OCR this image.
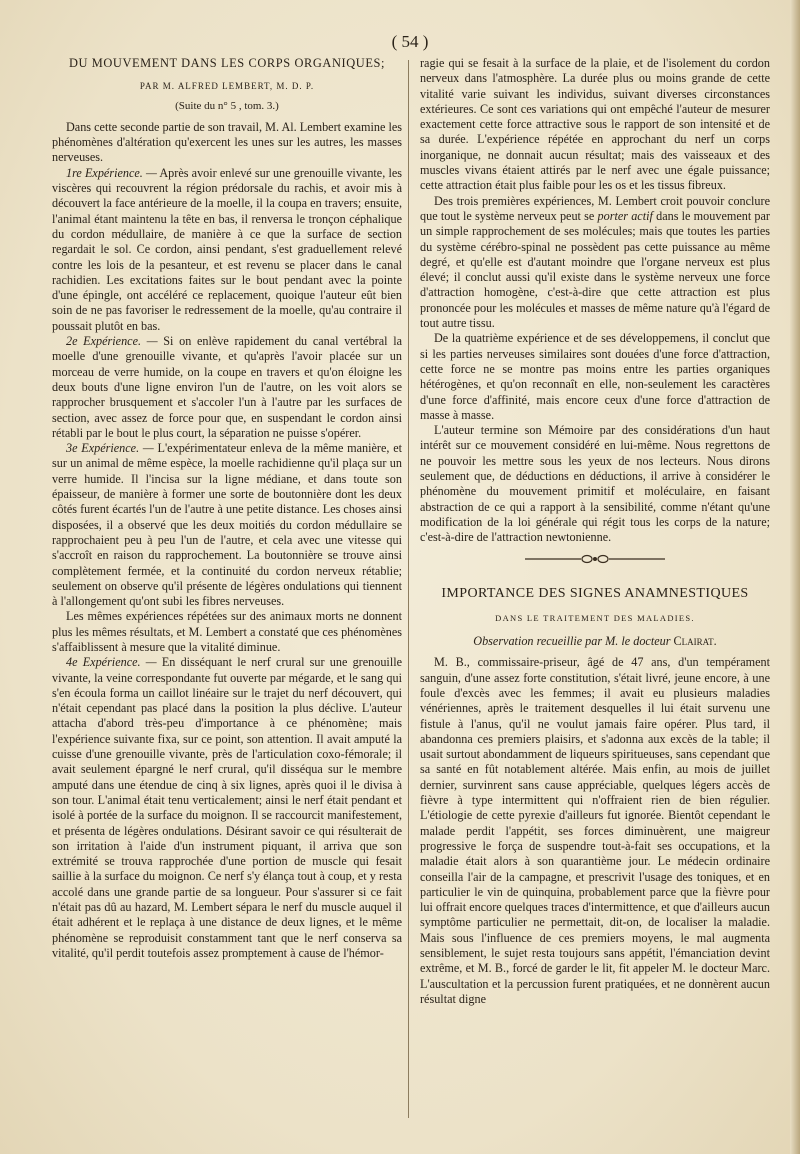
( 54 )

DU MOUVEMENT DANS LES CORPS ORGANIQUES;

PAR M. ALFRED LEMBERT, M. D. P.

(Suite du n° 5 , tom. 3.)

Dans cette seconde partie de son travail, M. Al. Lembert examine les phénomènes d'altération qu'exercent les unes sur les autres, les masses nerveuses.

1re Expérience. — Après avoir enlevé sur une grenouille vivante, les viscères qui recouvrent la région prédorsale du rachis, et avoir mis à découvert la face antérieure de la moelle, il la coupa en travers; ensuite, l'animal étant maintenu la tête en bas, il renversa le tronçon céphalique du cordon médullaire, de manière à ce que la surface de section regardait le sol. Ce cordon, ainsi pendant, s'est graduellement relevé contre les lois de la pesanteur, et est revenu se placer dans le canal rachidien. Les excitations faites sur le bout pendant avec la pointe d'une épingle, ont accéléré ce replacement, quoique l'auteur eût bien soin de ne pas favoriser le redressement de la moelle, qu'au contraire il poussait plutôt en bas.

2e Expérience. — Si on enlève rapidement du canal vertébral la moelle d'une grenouille vivante, et qu'après l'avoir placée sur un morceau de verre humide, on la coupe en travers et qu'on éloigne les deux bouts d'une ligne environ l'un de l'autre, on les voit alors se rapprocher brusquement et s'accoler l'un à l'autre par les surfaces de section, avec assez de force pour que, en suspendant le cordon ainsi rétabli par le bout le plus court, la séparation ne puisse s'opérer.

3e Expérience. — L'expérimentateur enleva de la même manière, et sur un animal de même espèce, la moelle rachidienne qu'il plaça sur un verre humide. Il l'incisa sur la ligne médiane, et dans toute son épaisseur, de manière à former une sorte de boutonnière dont les deux côtés furent écartés l'un de l'autre à une petite distance. Les choses ainsi disposées, il a observé que les deux moitiés du cordon médullaire se rapprochaient peu à peu l'un de l'autre, et cela avec une vitesse qui s'accroît en raison du rapprochement. La boutonnière se trouve ainsi complètement fermée, et la continuité du cordon nerveux rétablie; seulement on observe qu'il présente de légères ondulations qui tiennent à l'allongement qu'ont subi les fibres nerveuses.

Les mêmes expériences répétées sur des animaux morts ne donnent plus les mêmes résultats, et M. Lembert a constaté que ces phénomènes s'affaiblissent à mesure que la vitalité diminue.

4e Expérience. — En disséquant le nerf crural sur une grenouille vivante, la veine correspondante fut ouverte par mégarde, et le sang qui s'en écoula forma un caillot linéaire sur le trajet du nerf découvert, qui n'était cependant pas placé dans la position la plus déclive. L'auteur attacha d'abord très-peu d'importance à ce phénomène; mais l'expérience suivante fixa, sur ce point, son attention. Il avait amputé la cuisse d'une grenouille vivante, près de l'articulation coxo-fémorale; il avait seulement épargné le nerf crural, qu'il disséqua sur le membre amputé dans une étendue de cinq à six lignes, après quoi il le divisa à son tour. L'animal était tenu verticalement; ainsi le nerf était pendant et isolé à portée de la surface du moignon. Il se raccourcit manifestement, et présenta de légères ondulations. Désirant savoir ce qui résulterait de son irritation à l'aide d'un instrument piquant, il arriva que son extrémité se trouva rapprochée d'une portion de muscle qui fesait saillie à la surface du moignon. Ce nerf s'y élança tout à coup, et y resta accolé dans une grande partie de sa longueur. Pour s'assurer si ce fait n'était pas dû au hazard, M. Lembert sépara le nerf du muscle auquel il était adhérent et le replaça à une distance de deux lignes, et le même phénomène se reproduisit constamment tant que le nerf conserva sa vitalité, qu'il perdit toutefois assez promptement à cause de l'hémor-

ragie qui se fesait à la surface de la plaie, et de l'isolement du cordon nerveux dans l'atmosphère. La durée plus ou moins grande de cette vitalité varie suivant les individus, suivant diverses circonstances extérieures. Ce sont ces variations qui ont empêché l'auteur de mesurer exactement cette force attractive sous le rapport de son intensité et de sa durée. L'expérience répétée en approchant du nerf un corps inorganique, ne donnait aucun résultat; mais des vaisseaux et des muscles vivans étaient attirés par le nerf avec une égale puissance; cette attraction était plus faible pour les os et les tissus fibreux.

Des trois premières expériences, M. Lembert croit pouvoir conclure que tout le système nerveux peut se porter actif dans le mouvement par un simple rapprochement de ses molécules; mais que toutes les parties du système cérébro-spinal ne possèdent pas cette puissance au même degré, et qu'elle est d'autant moindre que l'organe nerveux est plus élevé; il conclut aussi qu'il existe dans le système nerveux une force d'attraction homogène, c'est-à-dire que cette attraction est plus prononcée pour les molécules et masses de même nature qu'à l'égard de tout autre tissu.

De la quatrième expérience et de ses développemens, il conclut que si les parties nerveuses similaires sont douées d'une force d'attraction, cette force ne se montre pas moins entre les parties organiques hétérogènes, et qu'on reconnaît en elle, non-seulement les caractères d'une force d'affinité, mais encore ceux d'une force d'attraction de masse à masse.

L'auteur termine son Mémoire par des considérations d'un haut intérêt sur ce mouvement considéré en lui-même. Nous regrettons de ne pouvoir les mettre sous les yeux de nos lecteurs. Nous dirons seulement que, de déductions en déductions, il arrive à considérer le phénomène du mouvement primitif et moléculaire, en faisant abstraction de ce qui a rapport à la sensibilité, comme n'étant qu'une modification de la loi générale qui régit tous les corps de la nature; c'est-à-dire de l'attraction newtonienne.

IMPORTANCE DES SIGNES ANAMNESTIQUES

DANS LE TRAITEMENT DES MALADIES.

Observation recueillie par M. le docteur Clairat.

M. B., commissaire-priseur, âgé de 47 ans, d'un tempérament sanguin, d'une assez forte constitution, s'était livré, jeune encore, à une foule d'excès avec les femmes; il avait eu plusieurs maladies vénériennes, après le traitement desquelles il lui était survenu une fistule à l'anus, qu'il ne voulut jamais faire opérer. Plus tard, il abandonna ces premiers plaisirs, et s'adonna aux excès de la table; il usait surtout abondamment de liqueurs spiritueuses, sans cependant que sa santé en fût notablement altérée. Mais enfin, au mois de juillet dernier, survinrent sans cause appréciable, quelques légers accès de fièvre à type intermittent qui n'offraient rien de bien régulier. L'étiologie de cette pyrexie d'ailleurs fut ignorée. Bientôt cependant le malade perdit l'appétit, ses forces diminuèrent, une maigreur progressive le força de suspendre tout-à-fait ses occupations, et la maladie était alors à son quarantième jour. Le médecin ordinaire conseilla l'air de la campagne, et prescrivit l'usage des toniques, et en particulier le vin de quinquina, probablement parce que la fièvre pour lui offrait encore quelques traces d'intermittence, et que d'ailleurs aucun symptôme particulier ne permettait, dit-on, de localiser la maladie. Mais sous l'influence de ces premiers moyens, le mal augmenta sensiblement, le sujet resta toujours sans appétit, l'émanciation devint extrême, et M. B., forcé de garder le lit, fit appeler M. le docteur Marc. L'auscultation et la percussion furent pratiquées, et ne donnèrent aucun résultat digne
